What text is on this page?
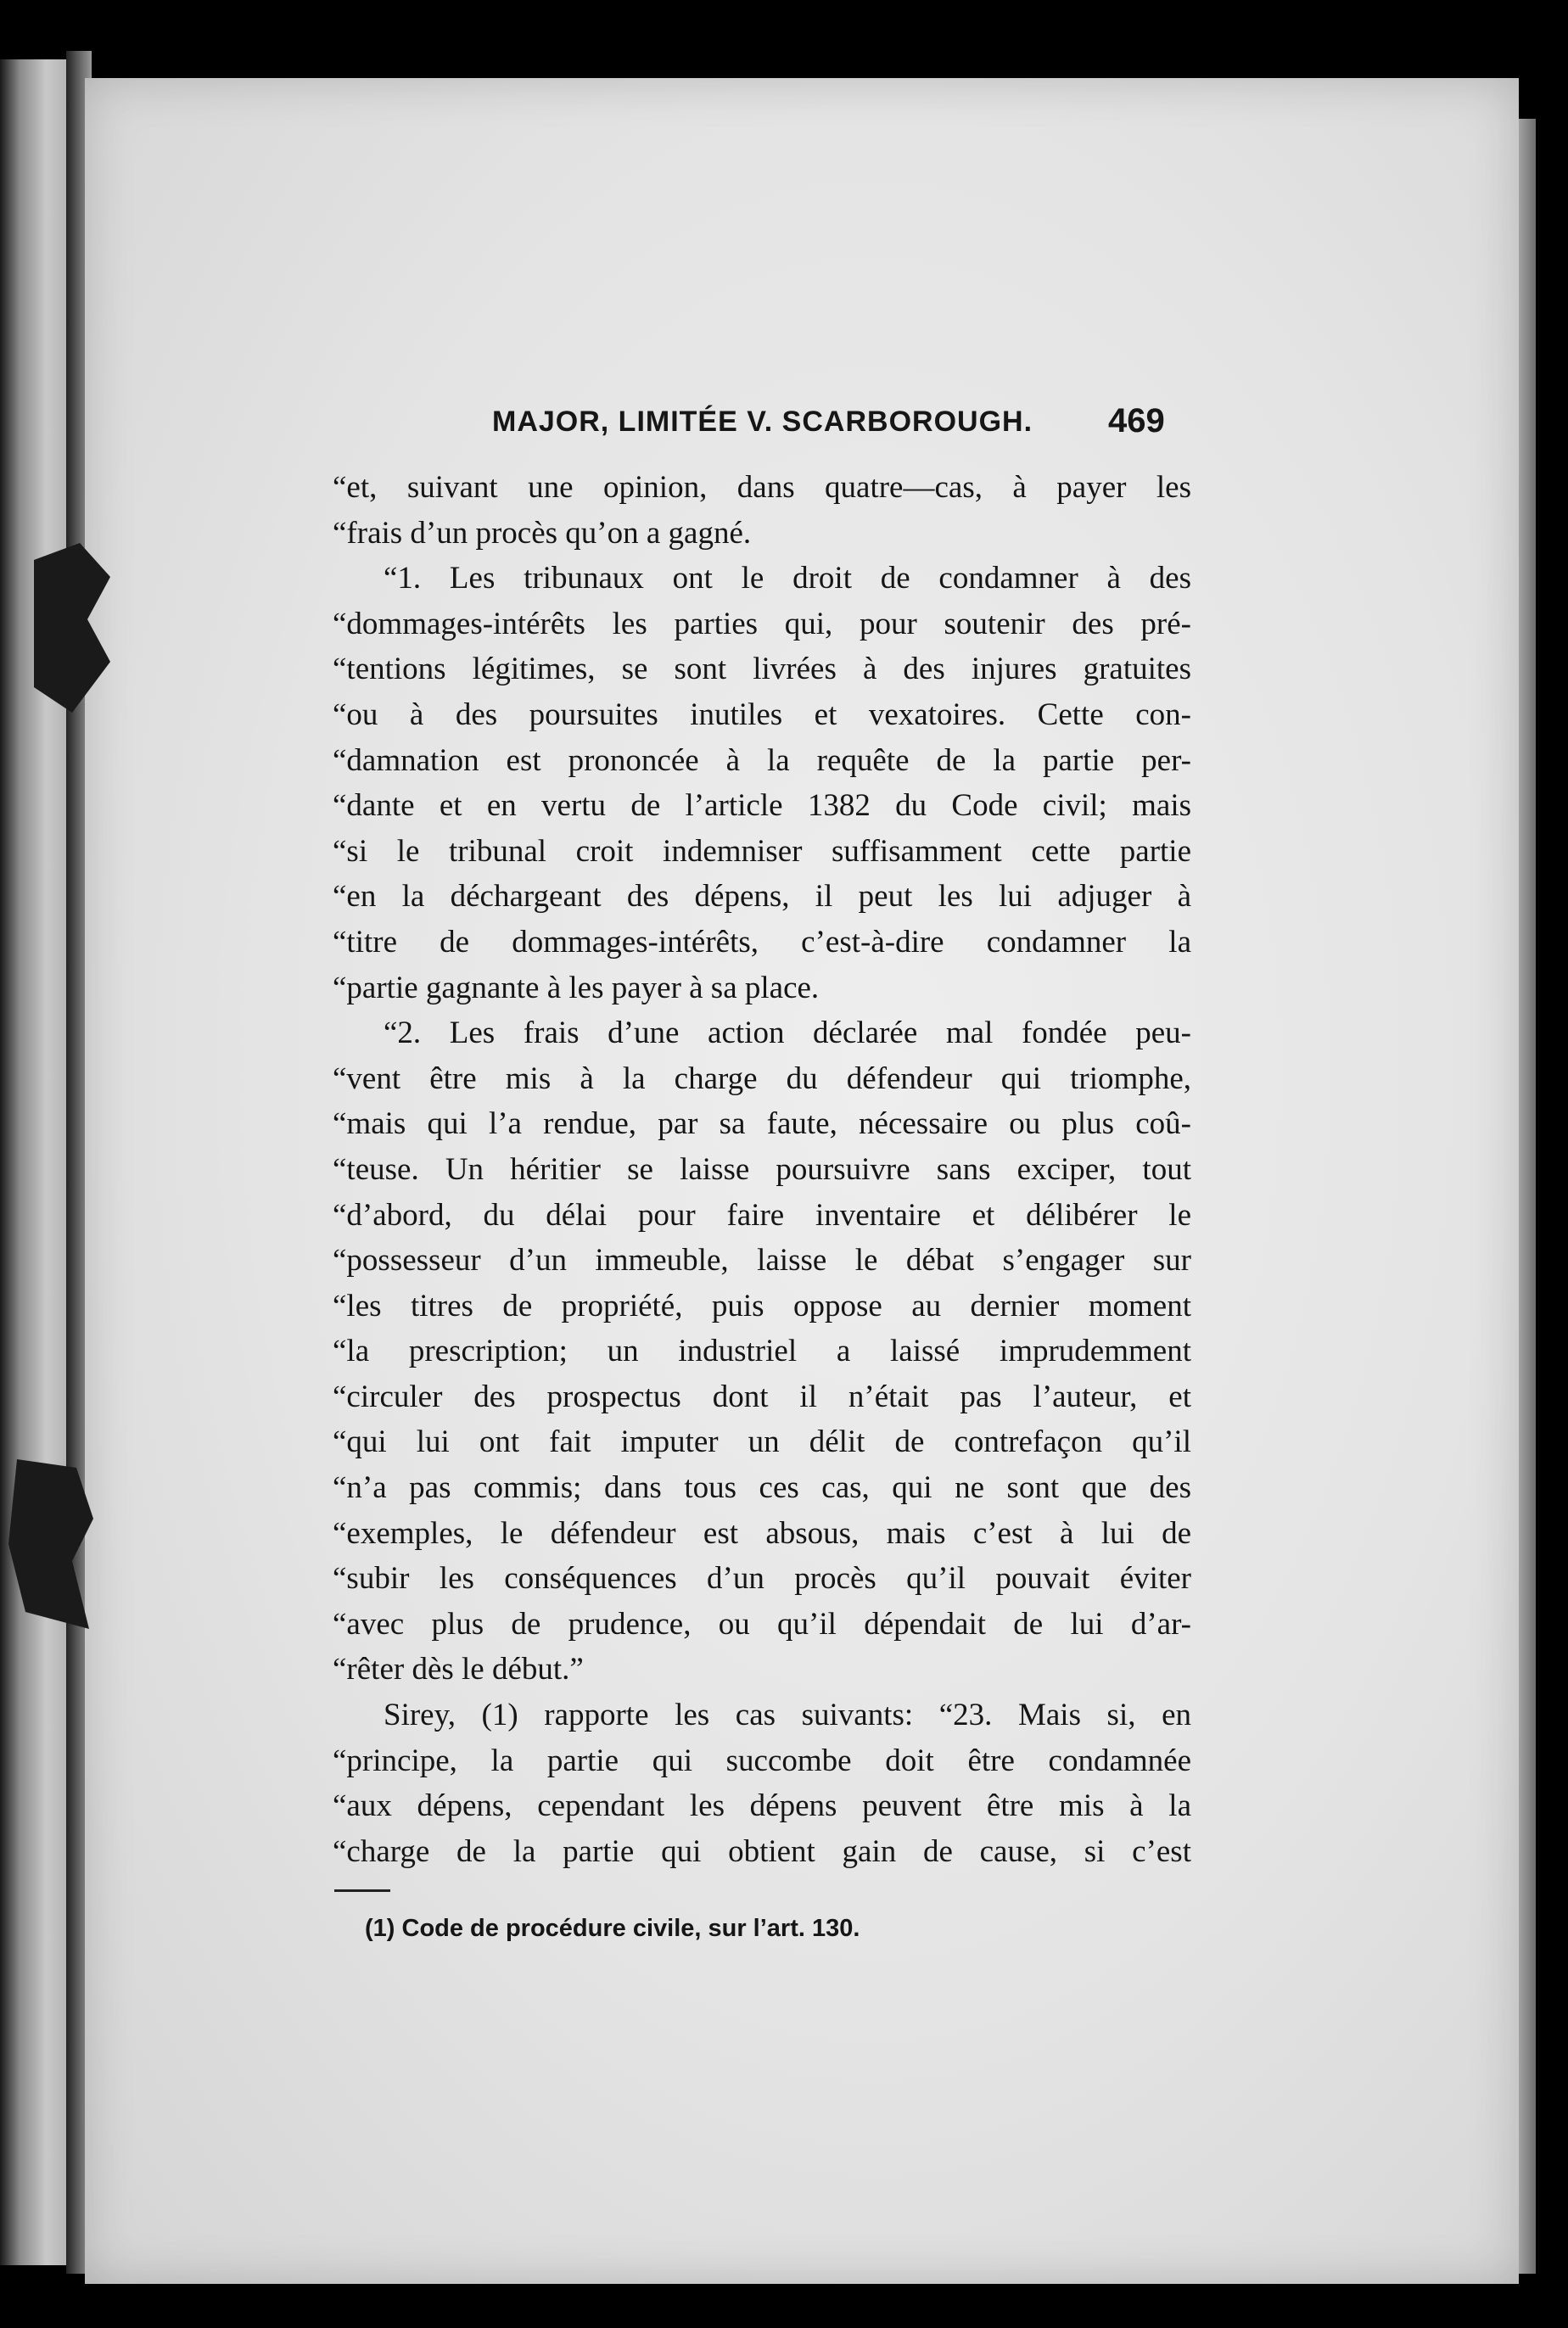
MAJOR, LIMITÉE V. SCARBOROUGH. 469
“et, suivant une opinion, dans quatre—cas, à payer les
“frais d’un procès qu’on a gagné.
“1. Les tribunaux ont le droit de condamner à des
“dommages-intérêts les parties qui, pour soutenir des pré-
“tentions légitimes, se sont livrées à des injures gratuites
“ou à des poursuites inutiles et vexatoires. Cette con-
“damnation est prononcée à la requête de la partie per-
“dante et en vertu de l’article 1382 du Code civil; mais
“si le tribunal croit indemniser suffisamment cette partie
“en la déchargeant des dépens, il peut les lui adjuger à
“titre de dommages-intérêts, c’est-à-dire condamner la
“partie gagnante à les payer à sa place.
“2. Les frais d’une action déclarée mal fondée peu-
“vent être mis à la charge du défendeur qui triomphe,
“mais qui l’a rendue, par sa faute, nécessaire ou plus coû-
“teuse. Un héritier se laisse poursuivre sans exciper, tout
“d’abord, du délai pour faire inventaire et délibérer le
“possesseur d’un immeuble, laisse le débat s’engager sur
“les titres de propriété, puis oppose au dernier moment
“la prescription; un industriel a laissé imprudemment
“circuler des prospectus dont il n’était pas l’auteur, et
“qui lui ont fait imputer un délit de contrefaçon qu’il
“n’a pas commis; dans tous ces cas, qui ne sont que des
“exemples, le défendeur est absous, mais c’est à lui de
“subir les conséquences d’un procès qu’il pouvait éviter
“avec plus de prudence, ou qu’il dépendait de lui d’ar-
“rêter dès le début.”
Sirey, (1) rapporte les cas suivants: “23. Mais si, en
“principe, la partie qui succombe doit être condamnée
“aux dépens, cependant les dépens peuvent être mis à la
“charge de la partie qui obtient gain de cause, si c’est
(1) Code de procédure civile, sur l’art. 130.
